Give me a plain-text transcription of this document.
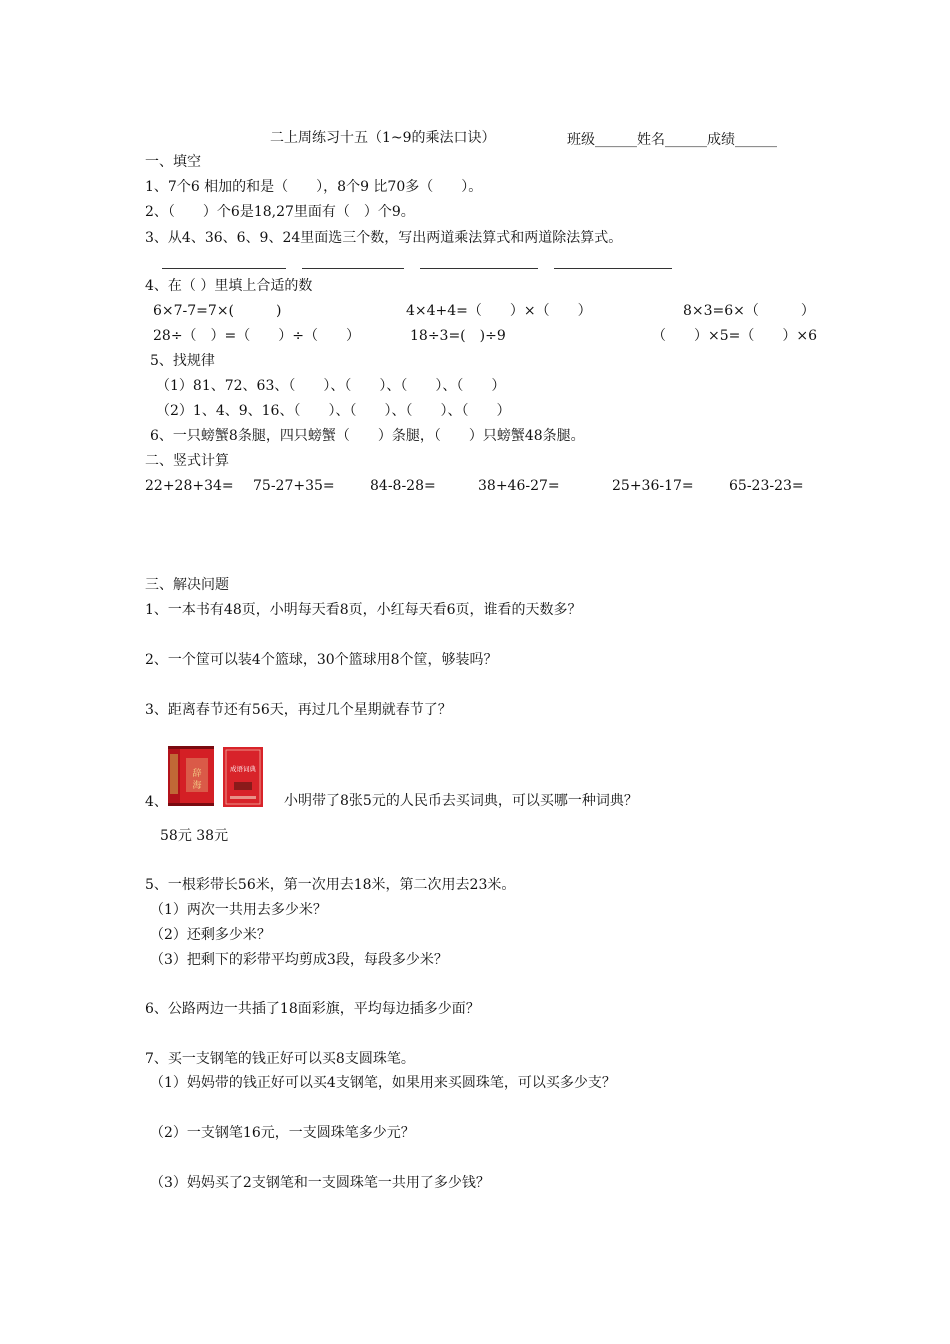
二上周练习十五（1~9的乘法口诀）	班级______姓名______成绩______
一、填空
1、7个6 相加的和是（　　），8个9 比70多（　　）。
2、（　　）个6是18,27里面有（　）个9。
3、从4、36、6、9、24里面选三个数，写出两道乘法算式和两道除法算式。
4、在（ ）里填上合适的数
6×7-7=7×(　　　)	4×4+4=（　　）×（　　）	8×3=6×（　　　）
28÷（　）=（　　）÷（　　）	18÷3=(　)÷9	（　　）×5=（　　）×6
5、找规律
（1）81、72、63、（　　）、（　　）、（　　）、（　　）
（2）1、4、9、16、（　　）、（　　）、（　　）、（　　）
6、一只螃蟹8条腿，四只螃蟹（　　）条腿，（　　）只螃蟹48条腿。
二、竖式计算
22+28+34= 75-27+35=	84-8-28=	38+46-27=	25+36-17=	65-23-23=
三、解决问题
1、一本书有48页，小明每天看8页，小红每天看6页，谁看的天数多？
2、一个筐可以装4个篮球，30个篮球用8个筐，够装吗？
3、距离春节还有56天，再过几个星期就春节了？
辞
海
成语词典
4、	小明带了8张5元的人民币去买词典，可以买哪一种词典？
58元 38元
5、一根彩带长56米，第一次用去18米，第二次用去23米。
（1）两次一共用去多少米？
（2）还剩多少米？
（3）把剩下的彩带平均剪成3段，每段多少米？
6、公路两边一共插了18面彩旗，平均每边插多少面？
7、买一支钢笔的钱正好可以买8支圆珠笔。
（1）妈妈带的钱正好可以买4支钢笔，如果用来买圆珠笔，可以买多少支？
（2）一支钢笔16元，一支圆珠笔多少元？
（3）妈妈买了2支钢笔和一支圆珠笔一共用了多少钱？
